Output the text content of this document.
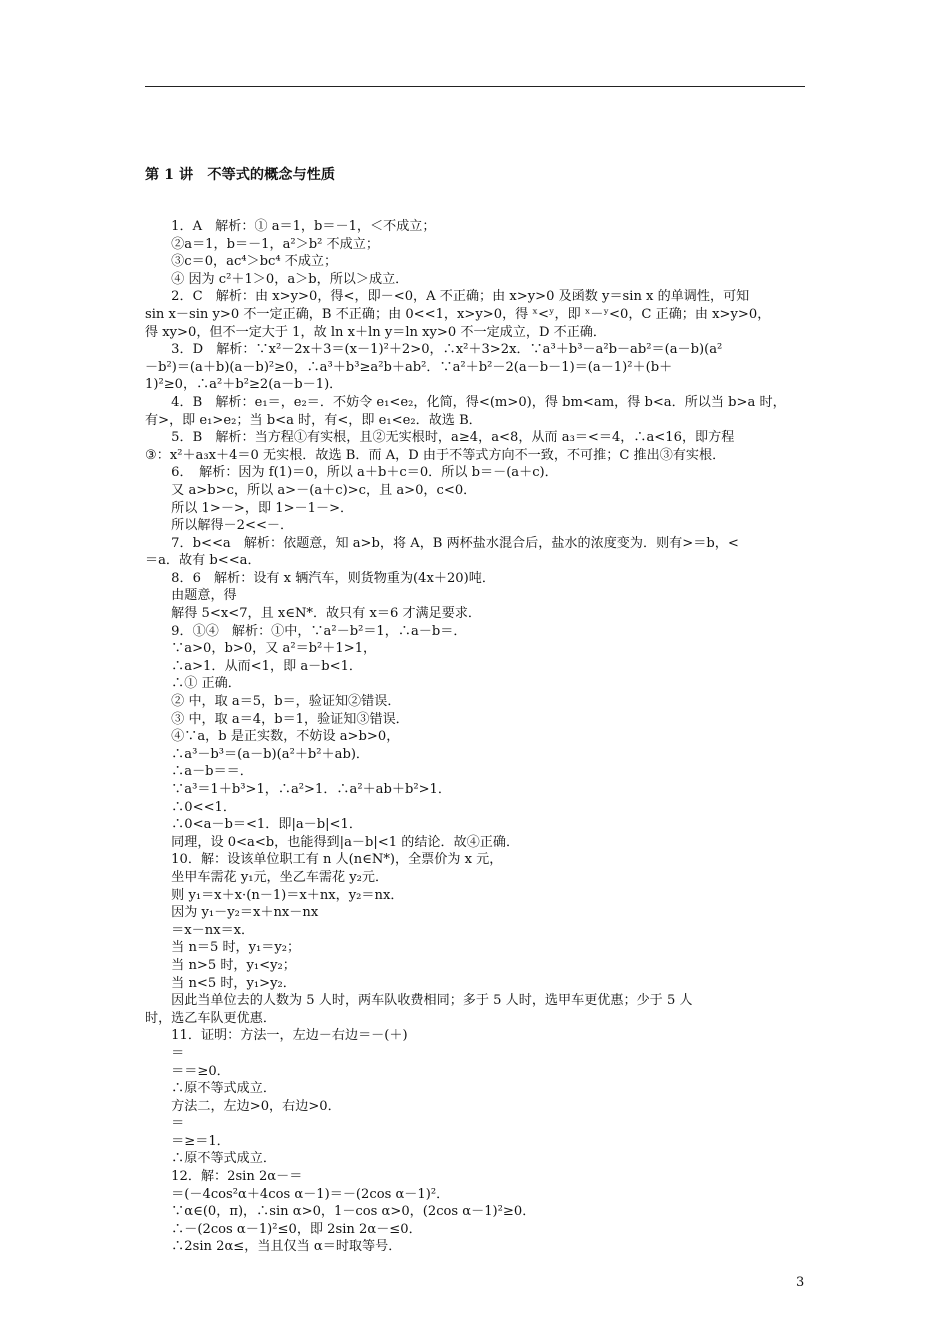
第 1 讲　不等式的概念与性质
　　1．A　解析：① a＝1，b＝－1，＜不成立；
　　②a＝1，b＝－1，a²＞b² 不成立；
　　③c＝0，ac⁴＞bc⁴ 不成立；
　　④ 因为 c²＋1＞0，a＞b，所以＞成立．
　　2．C　解析：由 x>y>0，得<，即－<0，A 不正确；由 x>y>0 及函数 y＝sin x 的单调性，可知
sin x－sin y>0 不一定正确，B 不正确；由 0<<1，x>y>0，得 ˣ<ʸ，即 ˣ－ʸ<0，C 正确；由 x>y>0，
得 xy>0，但不一定大于 1，故 ln x＋ln y＝ln xy>0 不一定成立，D 不正确．
　　3．D　解析：∵x²－2x＋3＝(x－1)²＋2>0，∴x²＋3>2x．∵a³＋b³－a²b－ab²＝(a－b)(a²
－b²)＝(a＋b)(a－b)²≥0，∴a³＋b³≥a²b＋ab²．∵a²＋b²－2(a－b－1)＝(a－1)²＋(b＋
1)²≥0，∴a²＋b²≥2(a－b－1)．
　　4．B　解析：e₁＝，e₂＝．不妨令 e₁<e₂，化简，得<(m>0)，得 bm<am，得 b<a．所以当 b>a 时，
有>，即 e₁>e₂；当 b<a 时，有<，即 e₁<e₂．故选 B．
　　5．B　解析：当方程①有实根，且②无实根时，a≥4，a<8，从而 a₃＝<＝4，∴a<16，即方程
③：x²＋a₃x＋4＝0 无实根．故选 B．而 A，D 由于不等式方向不一致，不可推；C 推出③有实根．
　　6．　解析：因为 f(1)＝0，所以 a＋b＋c＝0．所以 b＝－(a＋c)．
　　又 a>b>c，所以 a>－(a＋c)>c，且 a>0，c<0．
　　所以 1>－>，即 1>－1－>．
　　所以解得－2<<－．
　　7．b<<a　解析：依题意，知 a>b，将 A，B 两杯盐水混合后，盐水的浓度变为．则有>＝b，<
＝a．故有 b<<a．
　　8．6　解析：设有 x 辆汽车，则货物重为(4x＋20)吨．
　　由题意，得
　　解得 5<x<7，且 x∈N*．故只有 x＝6 才满足要求．
　　9．①④　解析：①中，∵a²－b²＝1，∴a－b＝．
　　∵a>0，b>0，又 a²＝b²＋1>1，
　　∴a>1．从而<1，即 a－b<1．
　　∴① 正确．
　　② 中，取 a＝5，b＝，验证知②错误．
　　③ 中，取 a＝4，b＝1，验证知③错误．
　　④∵a，b 是正实数，不妨设 a>b>0，
　　∴a³－b³＝(a－b)(a²＋b²＋ab)．
　　∴a－b＝＝．
　　∵a³＝1＋b³>1，∴a²>1．∴a²＋ab＋b²>1．
　　∴0<<1．
　　∴0<a－b＝<1．即|a－b|<1．
　　同理，设 0<a<b，也能得到|a－b|<1 的结论．故④正确．
　　10．解：设该单位职工有 n 人(n∈N*)，全票价为 x 元，
　　坐甲车需花 y₁元，坐乙车需花 y₂元．
　　则 y₁＝x＋x·(n－1)＝x＋nx，y₂＝nx．
　　因为 y₁－y₂＝x＋nx－nx
　　＝x－nx＝x．
　　当 n＝5 时，y₁＝y₂；
　　当 n>5 时，y₁<y₂；
　　当 n<5 时，y₁>y₂．
　　因此当单位去的人数为 5 人时，两车队收费相同；多于 5 人时，选甲车更优惠；少于 5 人
时，选乙车队更优惠．
　　11．证明：方法一，左边－右边＝－(＋)
　　＝
　　＝＝≥0．
　　∴原不等式成立．
　　方法二，左边>0，右边>0．
　　＝
　　＝≥＝1．
　　∴原不等式成立．
　　12．解：2sin 2α－＝
　　＝(－4cos²α＋4cos α－1)＝－(2cos α－1)²．
　　∵α∈(0，π)，∴sin α>0，1－cos α>0，(2cos α－1)²≥0．
　　∴－(2cos α－1)²≤0，即 2sin 2α－≤0．
　　∴2sin 2α≤，当且仅当 α＝时取等号．
3
